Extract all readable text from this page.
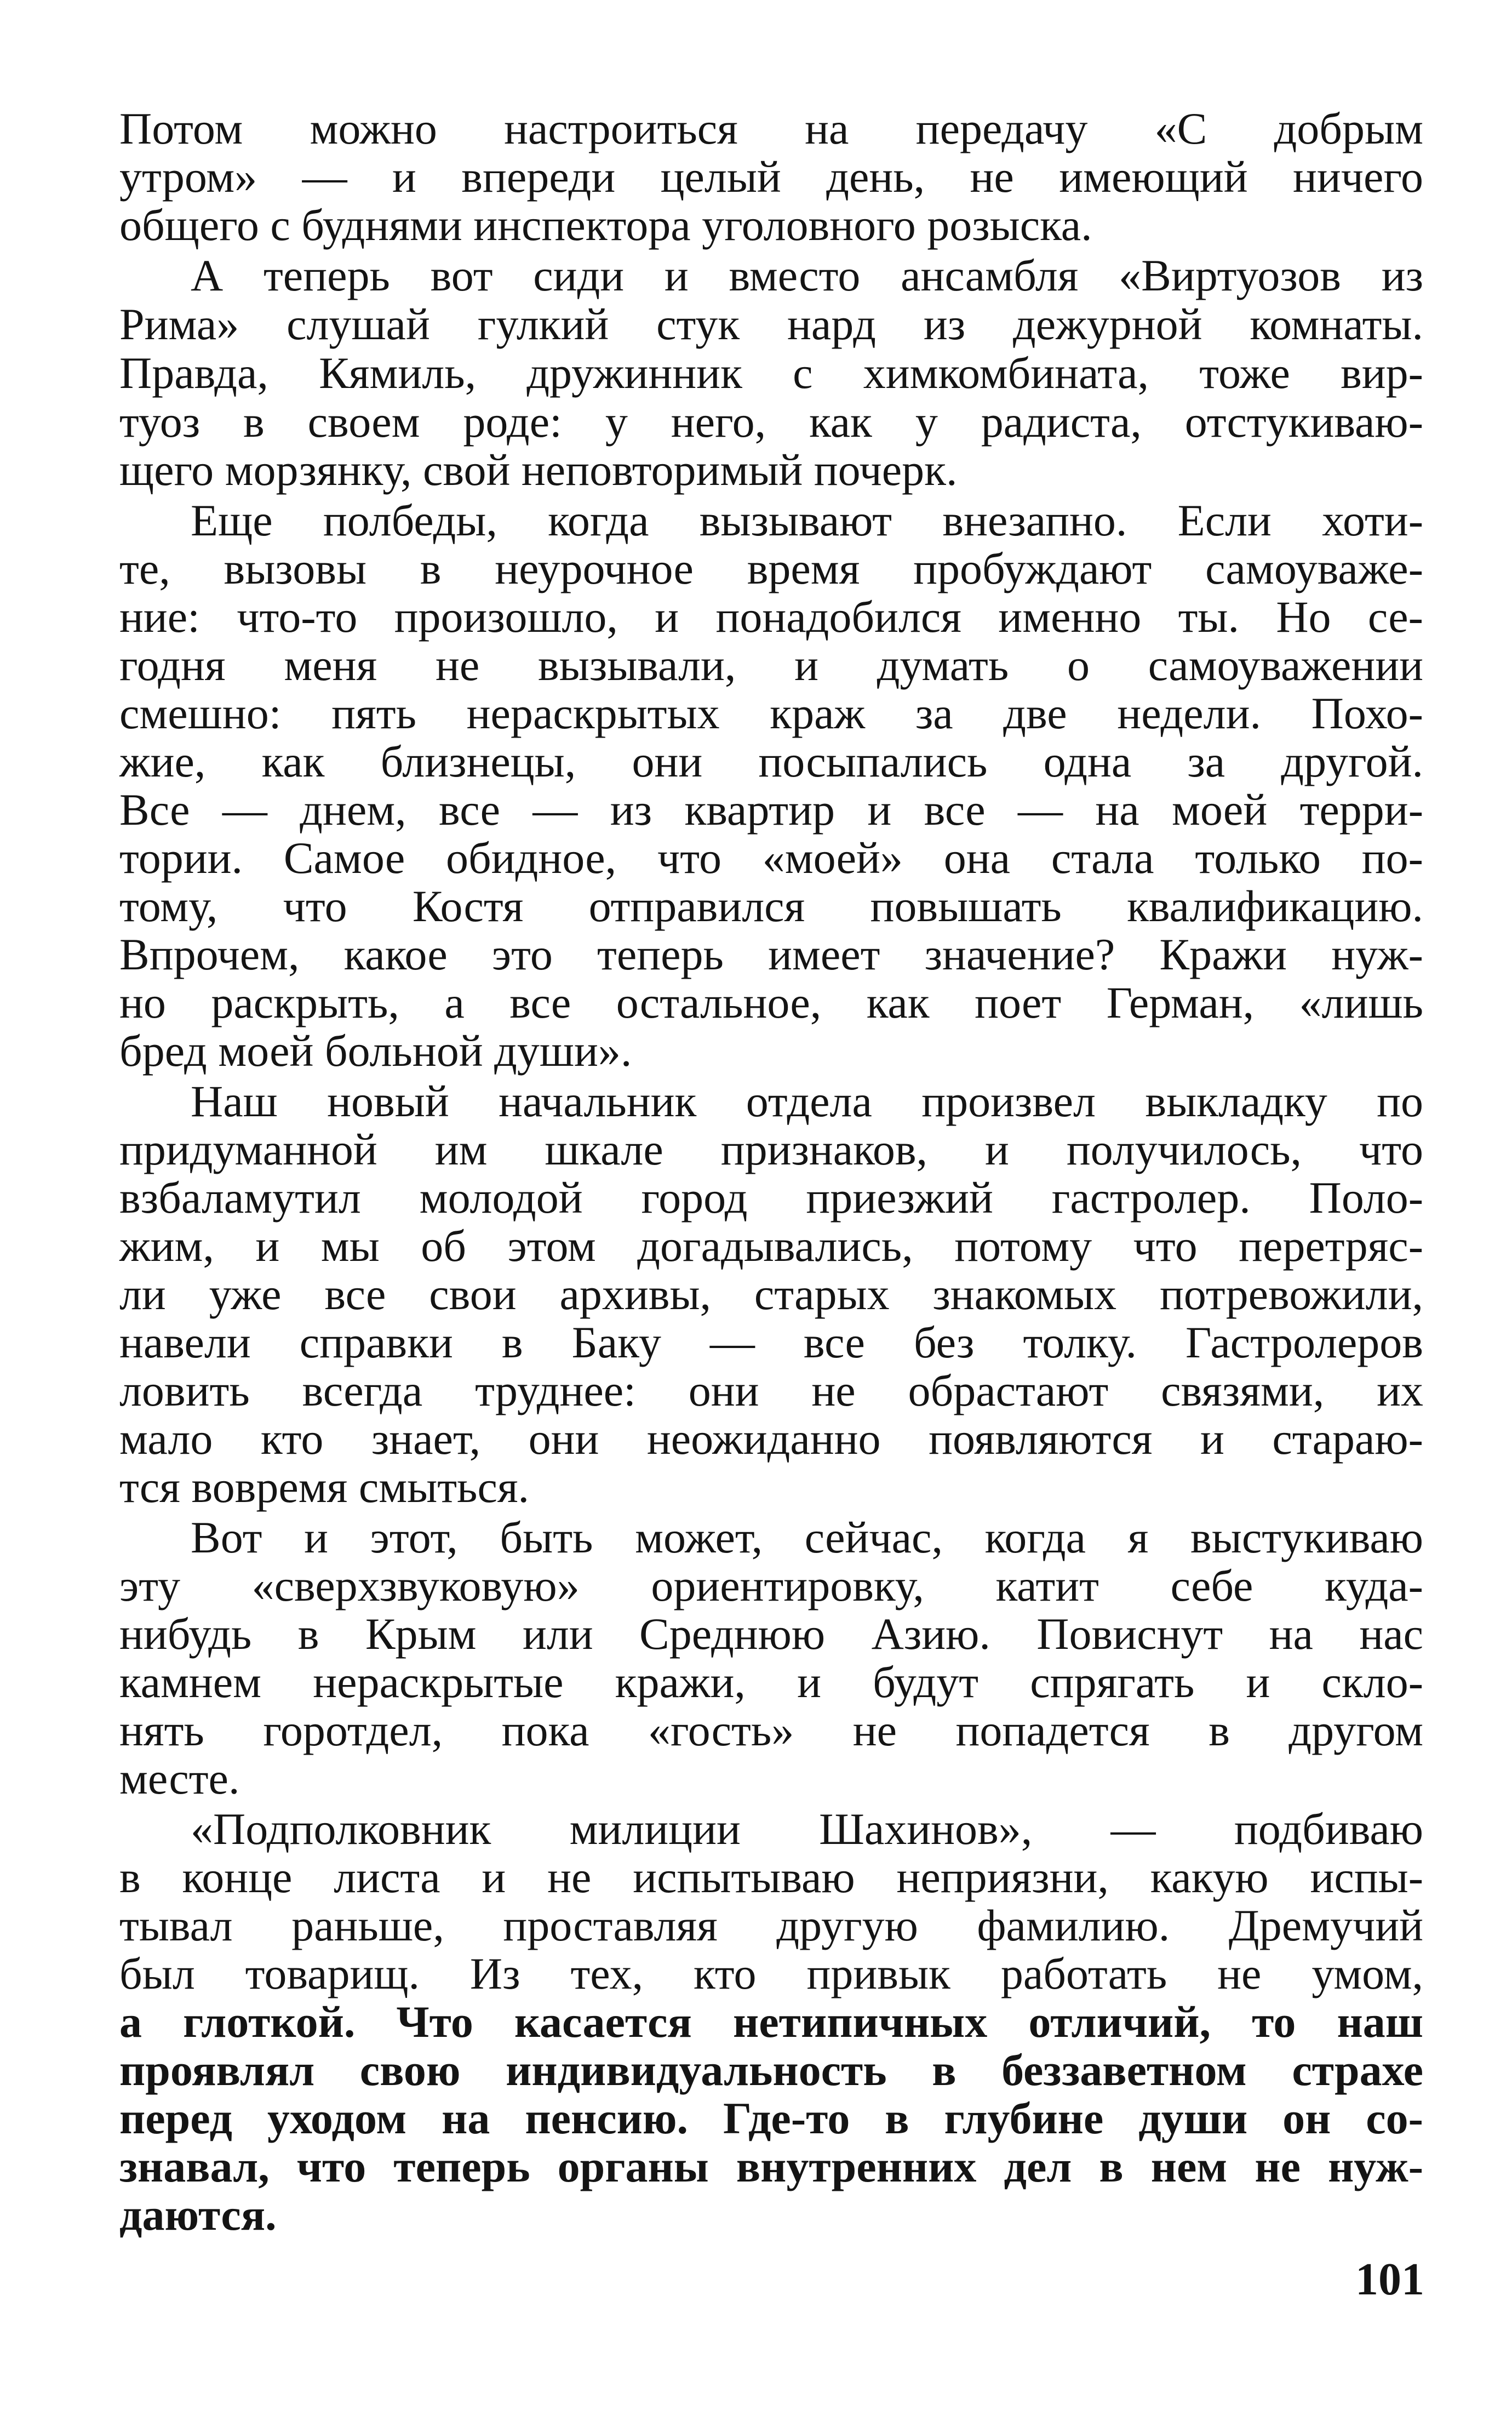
Потом можно настроиться на передачу «С добрым
утром» — и впереди целый день, не имеющий ничего
общего с буднями инспектора уголовного розыска.
А теперь вот сиди и вместо ансамбля «Виртуозов из
Рима» слушай гулкий стук нард из дежурной комнаты.
Правда, Кямиль, дружинник с химкомбината, тоже вир-
туоз в своем роде: у него, как у радиста, отстукиваю-
щего морзянку, свой неповторимый почерк.
Еще полбеды, когда вызывают внезапно. Если хоти-
те, вызовы в неурочное время пробуждают самоуваже-
ние: что-то произошло, и понадобился именно ты. Но се-
годня меня не вызывали, и думать о самоуважении
смешно: пять нераскрытых краж за две недели. Похо-
жие, как близнецы, они посыпались одна за другой.
Все — днем, все — из квартир и все — на моей терри-
тории. Самое обидное, что «моей» она стала только по-
тому, что Костя отправился повышать квалификацию.
Впрочем, какое это теперь имеет значение? Кражи нуж-
но раскрыть, а все остальное, как поет Герман, «лишь
бред моей больной души».
Наш новый начальник отдела произвел выкладку по
придуманной им шкале признаков, и получилось, что
взбаламутил молодой город приезжий гастролер. Поло-
жим, и мы об этом догадывались, потому что перетряс-
ли уже все свои архивы, старых знакомых потревожили,
навели справки в Баку — все без толку. Гастролеров
ловить всегда труднее: они не обрастают связями, их
мало кто знает, они неожиданно появляются и стараю-
тся вовремя смыться.
Вот и этот, быть может, сейчас, когда я выстукиваю
эту «сверхзвуковую» ориентировку, катит себе куда-
нибудь в Крым или Среднюю Азию. Повиснут на нас
камнем нераскрытые кражи, и будут спрягать и скло-
нять горотдел, пока «гость» не попадется в другом
месте.
«Подполковник милиции Шахинов», — подбиваю
в конце листа и не испытываю неприязни, какую испы-
тывал раньше, проставляя другую фамилию. Дремучий
был товарищ. Из тех, кто привык работать не умом,
а глоткой. Что касается нетипичных отличий, то наш
проявлял свою индивидуальность в беззаветном страхе
перед уходом на пенсию. Где-то в глубине души он со-
знавал, что теперь органы внутренних дел в нем не нуж-
даются.
101
